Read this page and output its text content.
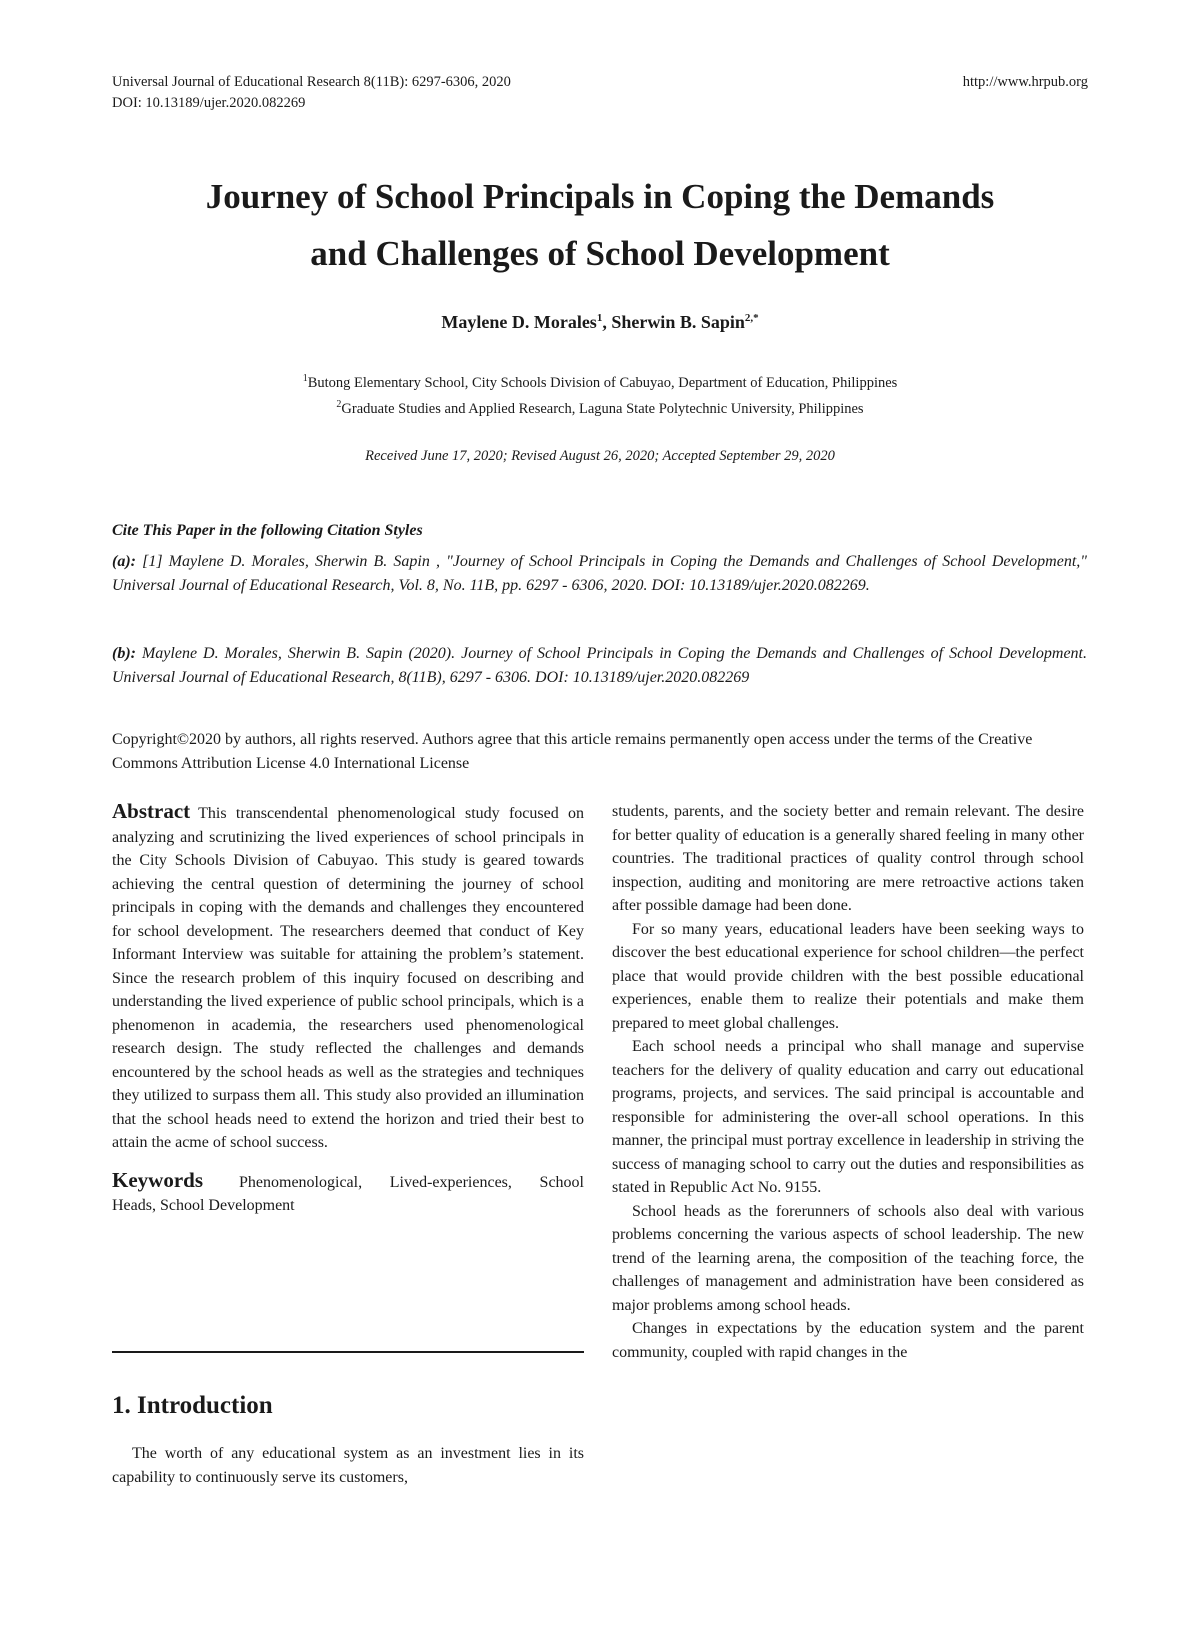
Universal Journal of Educational Research 8(11B): 6297-6306, 2020
DOI: 10.13189/ujer.2020.082269
http://www.hrpub.org
Journey of School Principals in Coping the Demands
and Challenges of School Development
Maylene D. Morales$^1$, Sherwin B. Sapin$^{2,*}$
$^1$Butong Elementary School, City Schools Division of Cabuyao, Department of Education, Philippines
$^2$Graduate Studies and Applied Research, Laguna State Polytechnic University, Philippines
Received June 17, 2020; Revised August 26, 2020; Accepted September 29, 2020
Cite This Paper in the following Citation Styles

(a): [1] Maylene D. Morales, Sherwin B. Sapin , "Journey of School Principals in Coping the Demands and Challenges of School Development," Universal Journal of Educational Research, Vol. 8, No. 11B, pp. 6297 - 6306, 2020. DOI: 10.13189/ujer.2020.082269.

(b): Maylene D. Morales, Sherwin B. Sapin (2020). Journey of School Principals in Coping the Demands and Challenges of School Development. Universal Journal of Educational Research, 8(11B), 6297 - 6306. DOI: 10.13189/ujer.2020.082269

Copyright©2020 by authors, all rights reserved. Authors agree that this article remains permanently open access under the terms of the Creative Commons Attribution License 4.0 International License

Abstract This transcendental phenomenological study focused on analyzing and scrutinizing the lived experiences of school principals in the City Schools Division of Cabuyao. This study is geared towards achieving the central question of determining the journey of school principals in coping with the demands and challenges they encountered for school development. The researchers deemed that conduct of Key Informant Interview was suitable for attaining the problem’s statement. Since the research problem of this inquiry focused on describing and understanding the lived experience of public school principals, which is a phenomenon in academia, the researchers used phenomenological research design. The study reflected the challenges and demands encountered by the school heads as well as the strategies and techniques they utilized to surpass them all. This study also provided an illumination that the school heads need to extend the horizon and tried their best to attain the acme of school success.

Keywords Phenomenological, Lived-experiences, School Heads, School Development

1. Introduction

The worth of any educational system as an investment lies in its capability to continuously serve its customers,

students, parents, and the society better and remain relevant. The desire for better quality of education is a generally shared feeling in many other countries. The traditional practices of quality control through school inspection, auditing and monitoring are mere retroactive actions taken after possible damage had been done.

For so many years, educational leaders have been seeking ways to discover the best educational experience for school children—the perfect place that would provide children with the best possible educational experiences, enable them to realize their potentials and make them prepared to meet global challenges.

Each school needs a principal who shall manage and supervise teachers for the delivery of quality education and carry out educational programs, projects, and services. The said principal is accountable and responsible for administering the over-all school operations. In this manner, the principal must portray excellence in leadership in striving the success of managing school to carry out the duties and responsibilities as stated in Republic Act No. 9155.

School heads as the forerunners of schools also deal with various problems concerning the various aspects of school leadership. The new trend of the learning arena, the composition of the teaching force, the challenges of management and administration have been considered as major problems among school heads.

Changes in expectations by the education system and the parent community, coupled with rapid changes in the
